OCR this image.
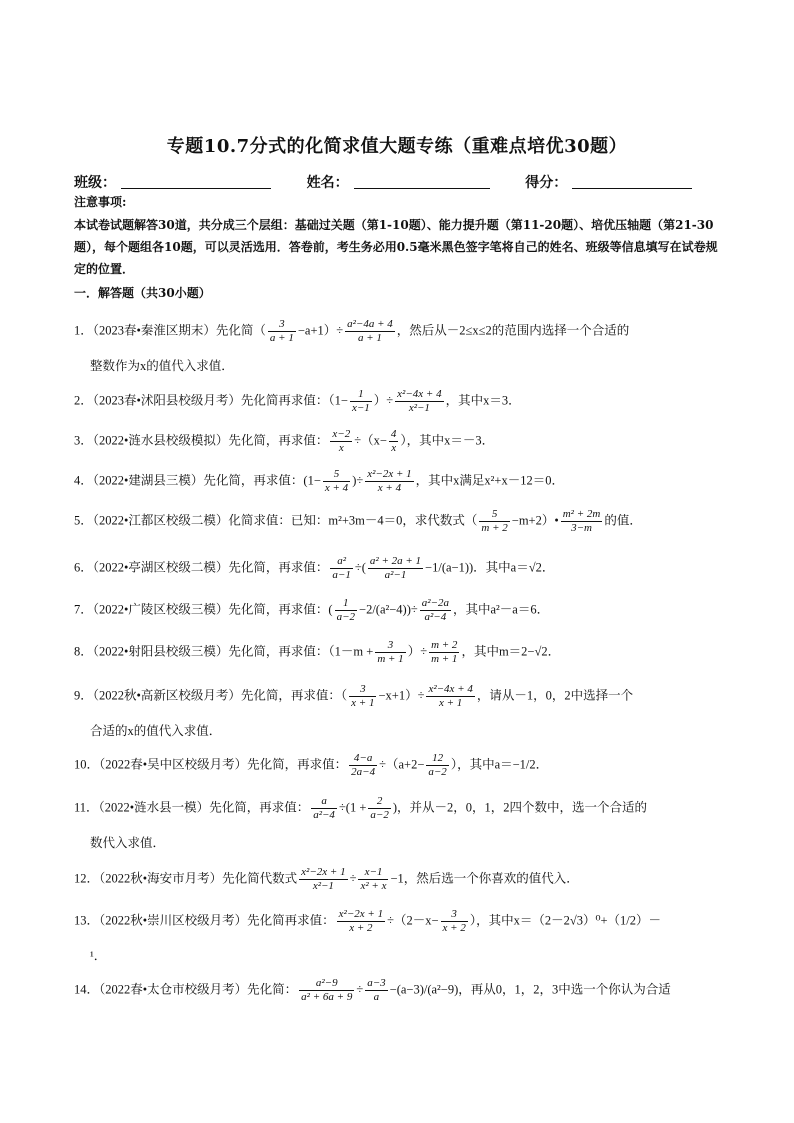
专题10.7分式的化简求值大题专练（重难点培优30题）
班级：	姓名：	得分：
注意事项:
本试卷试题解答30道，共分成三个层组：基础过关题（第1-10题）、能力提升题（第11-20题）、培优压轴题（第21-30题），每个题组各10题，可以灵活选用．答卷前，考生务必用0.5毫米黑色签字笔将自己的姓名、班级等信息填写在试卷规定的位置．
一．解答题（共30小题）
1．（2023春•秦淮区期末）先化简（ $\frac{3}{a + 1} -a+1)\div \frac{\text{a²−4a + 4}}{a + 1}$ ，然后从－2≤x≤2的范围内选择一个合适的
整数作为x的值代入求值．
2．（2023春•沭阳县校级月考）先化简再求值：（$1- \frac{1}{x-1}$ ）÷ $\frac{\text{x²−4x + 4}}{\text{x²−1}}$ ，其中x＝3．
3．（2022•涟水县校级模拟）先化简，再求值： $\frac{x-2}{x} \div(x- \frac{4}{x}$ ），其中x＝－3．
4．（2022•建湖县三模）先化简，再求值：($1- \frac{5}{x + 4}$ )÷ $\frac{\text{x²−2x + 1}}{x + 4}$ ，其中x满足x²+x－12＝0．
5．（2022•江都区校级二模）化简求值：已知：m²+3m－4＝0，求代数式（ $\frac{5}{m + 2}$ −m+2）• $\frac{\text{m² + 2m}}{3-m}$ 的值．
6．（2022•亭湖区校级二模）先化简，再求值： $\frac{\text{a²}}{a-1}$ ÷( $\frac{\text{a² + 2a + 1}}{\text{a²−1}} -1/(a-1)$)．其中a＝√2．
7．（2022•广陵区校级三模）先化简，再求值：( $\frac{1}{a-2} -2/(a^2-4))\div \frac{\text{a²−2a}}{\text{a²−4}}$ ，其中a²－a＝6．
8．（2022•射阳县校级三模）先化简，再求值：（$1-m + \frac{3}{m + 1}$ ）÷ $\frac{m + 2}{m + 1}$ ，其中m＝2−√2．
9．（2022秋•高新区校级月考）先化简，再求值：（ $\frac{3}{x + 1} -x+1)\div \frac{\text{x²−4x + 4}}{x + 1}$ ，请从－1，0，2中选择一个
合适的x的值代入求值．
10．（2022春•吴中区校级月考）先化简，再求值： $\frac{4-a}{2a-4} \div(a+2- \frac{12}{a-2}$ ），其中a＝−1/2．
11．（2022•涟水县一模）先化简，再求值： $\frac{a}{\text{a²−4}} \div(1 + \frac{2}{a-2}$ )，并从－2，0，1，2四个数中，选一个合适的
数代入求值．
12．（2022秋•海安市月考）先化简代数式 $\frac{\text{x²−2x + 1}}{\text{x²−1}} \div \frac{x-1}{\text{x² + x}} -1$，然后选一个你喜欢的值代入．
13．（2022秋•崇川区校级月考）先化简再求值： $\frac{\text{x²−2x + 1}}{x + 2} \div(2-x- \frac{3}{x + 2}$ ），其中x＝（2－2√3）⁰+（1/2）－
¹．
14．（2022春•太仓市校级月考）先化简： $\frac{\text{a²−9}}{\text{a² + 6a + 9}} \div \frac{a-3}{a} -(a-3)/(a^2-9)$，再从0，1，2，3中选一个你认为合适
